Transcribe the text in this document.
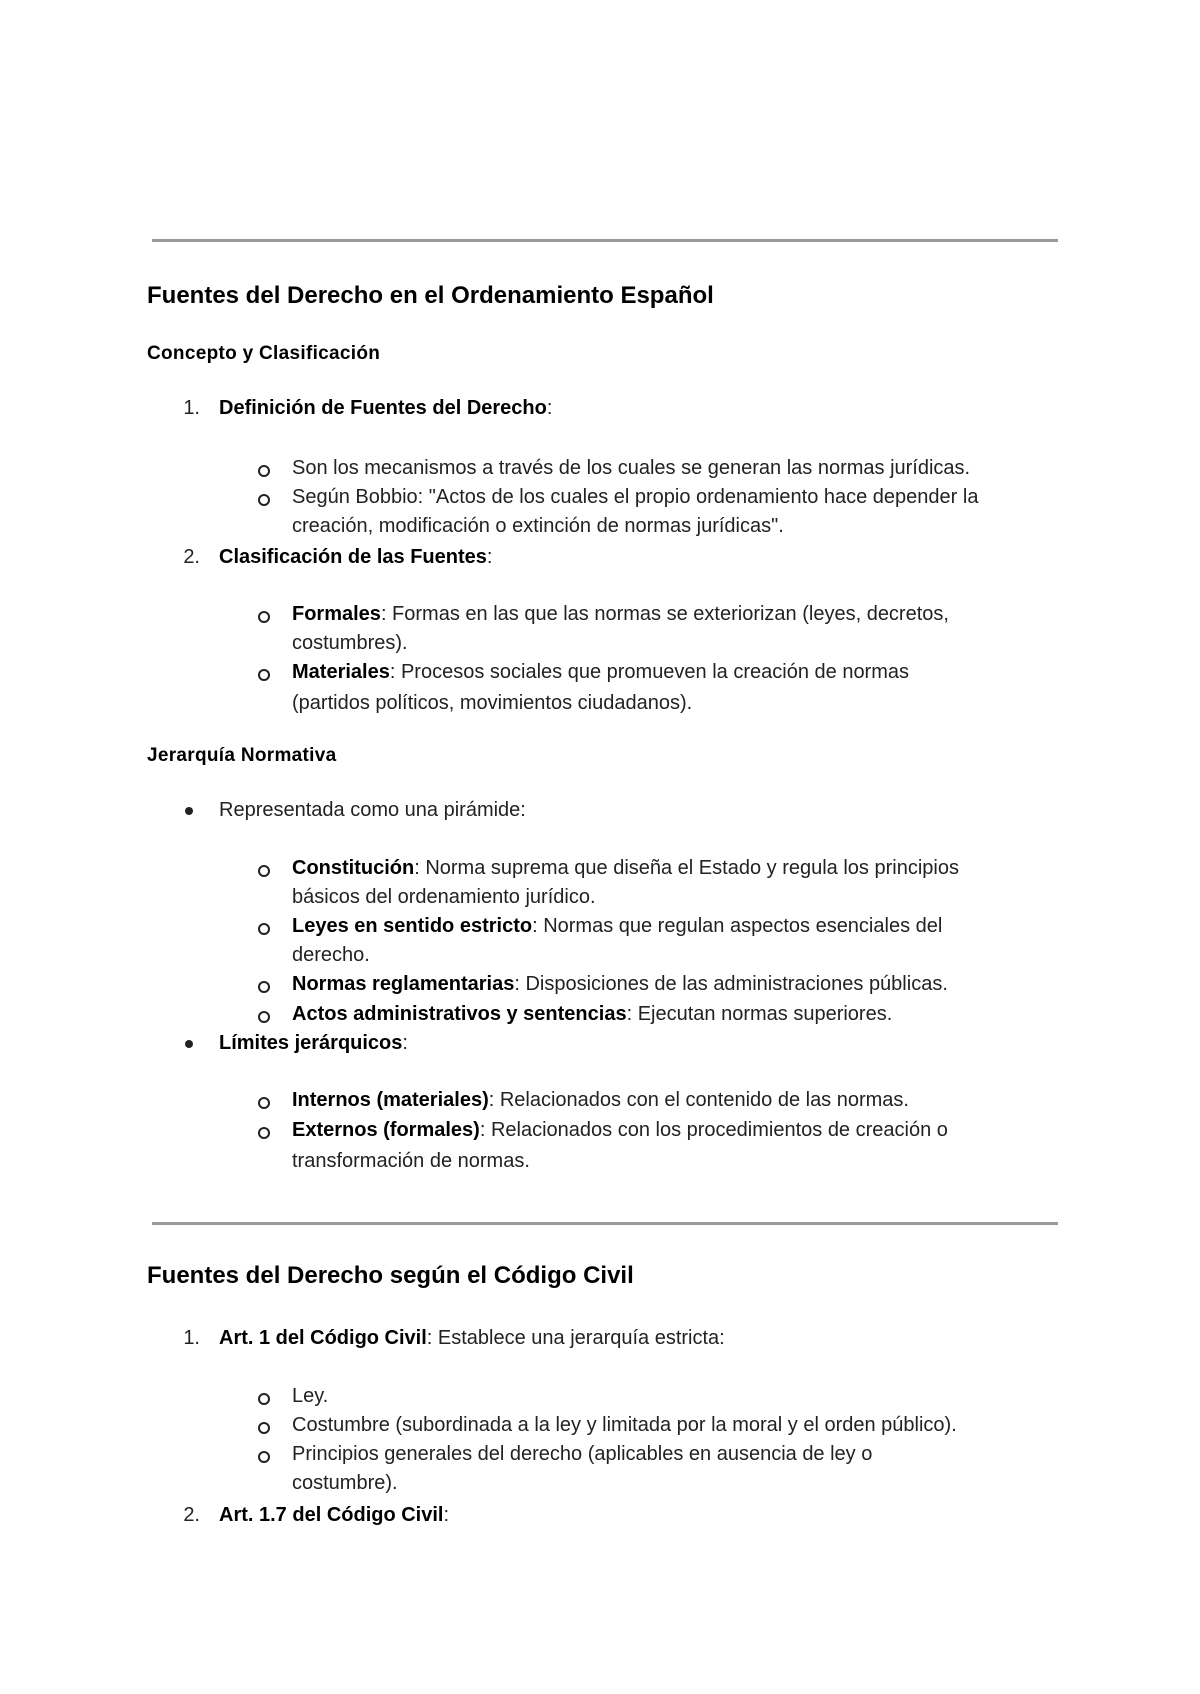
Fuentes del Derecho en el Ordenamiento Español
Concepto y Clasificación
1. Definición de Fuentes del Derecho:

Son los mecanismos a través de los cuales se generan las normas jurídicas.

Según Bobbio: "Actos de los cuales el propio ordenamiento hace depender la

creación, modificación o extinción de normas jurídicas".

2. Clasificación de las Fuentes:

Formales: Formas en las que las normas se exteriorizan (leyes, decretos,

costumbres).

Materiales: Procesos sociales que promueven la creación de normas

(partidos políticos, movimientos ciudadanos).

Jerarquía Normativa

Representada como una pirámide:

Constitución: Norma suprema que diseña el Estado y regula los principios

básicos del ordenamiento jurídico.

Leyes en sentido estricto: Normas que regulan aspectos esenciales del

derecho.

Normas reglamentarias: Disposiciones de las administraciones públicas.

Actos administrativos y sentencias: Ejecutan normas superiores.

Límites jerárquicos:

Internos (materiales): Relacionados con el contenido de las normas.

Externos (formales): Relacionados con los procedimientos de creación o

transformación de normas.

Fuentes del Derecho según el Código Civil
1. Art. 1 del Código Civil: Establece una jerarquía estricta:

Ley.

Costumbre (subordinada a la ley y limitada por la moral y el orden público).

Principios generales del derecho (aplicables en ausencia de ley o

costumbre).

2. Art. 1.7 del Código Civil:
